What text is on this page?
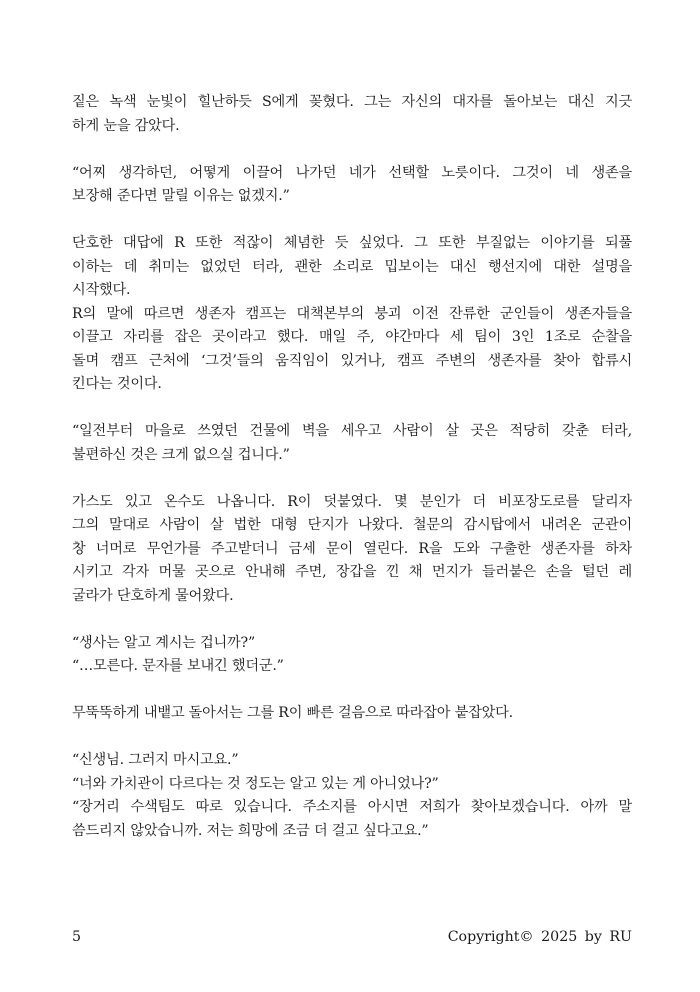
짙은 녹색 눈빛이 힐난하듯 S에게 꽂혔다. 그는 자신의 대자를 돌아보는 대신 지긋
하게 눈을 감았다.
“어찌 생각하던, 어떻게 이끌어 나가던 네가 선택할 노릇이다. 그것이 네 생존을
보장해 준다면 말릴 이유는 없겠지.”
단호한 대답에 R 또한 적잖이 체념한 듯 싶었다. 그 또한 부질없는 이야기를 되풀
이하는 데 취미는 없었던 터라, 괜한 소리로 밉보이는 대신 행선지에 대한 설명을
시작했다.
R의 말에 따르면 생존자 캠프는 대책본부의 붕괴 이전 잔류한 군인들이 생존자들을
이끌고 자리를 잡은 곳이라고 했다. 매일 주, 야간마다 세 팀이 3인 1조로 순찰을
돌며 캠프 근처에 ‘그것’들의 움직임이 있거나, 캠프 주변의 생존자를 찾아 합류시
킨다는 것이다.
“일전부터 마을로 쓰였던 건물에 벽을 세우고 사람이 살 곳은 적당히 갖춘 터라,
불편하신 것은 크게 없으실 겁니다.”
가스도 있고 온수도 나옵니다. R이 덧붙였다. 몇 분인가 더 비포장도로를 달리자
그의 말대로 사람이 살 법한 대형 단지가 나왔다. 철문의 감시탑에서 내려온 군관이
창 너머로 무언가를 주고받더니 금세 문이 열린다. R을 도와 구출한 생존자를 하차
시키고 각자 머물 곳으로 안내해 주면, 장갑을 낀 채 먼지가 들러붙은 손을 털던 레
굴라가 단호하게 물어왔다.
“생사는 알고 계시는 겁니까?”
“…모른다. 문자를 보내긴 했더군.”
무뚝뚝하게 내뱉고 돌아서는 그를 R이 빠른 걸음으로 따라잡아 붙잡았다.
“신생님. 그러지 마시고요.”
“너와 가치관이 다르다는 것 정도는 알고 있는 게 아니었나?”
“장거리 수색팀도 따로 있습니다. 주소지를 아시면 저희가 찾아보겠습니다. 아까 말
씀드리지 않았습니까. 저는 희망에 조금 더 걸고 싶다고요.”
5	Copyright© 2025 by RU
